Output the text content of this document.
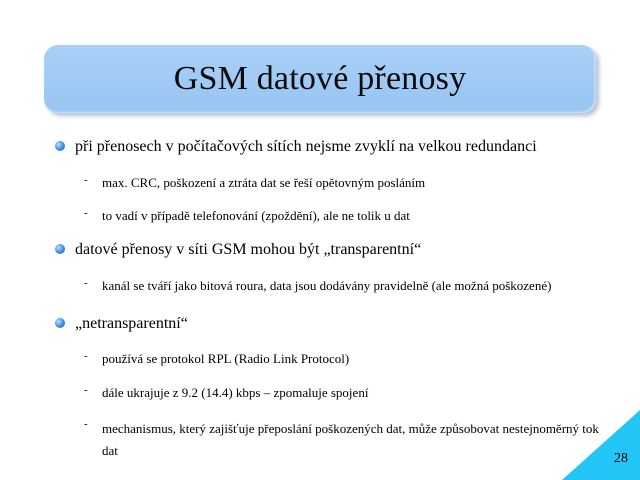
GSM datové přenosy
při přenosech v počítačových sítích nejsme zvyklí na velkou redundanci
- max. CRC, poškození a ztráta dat se řeší opětovným posláním
- to vadí v případě telefonování (zpoždění), ale ne tolik u dat
datové přenosy v síti GSM mohou být „transparentní“
- kanál se tváří jako bitová roura, data jsou dodávány pravidelně (ale možná poškozené)
„netransparentní“
- používá se protokol RPL (Radio Link Protocol)
- dále ukrajuje z 9.2 (14.4) kbps – zpomaluje spojení
- mechanismus, který zajišťuje přeposlání poškozených dat, může způsobovat nestejnoměrný tok dat
28
